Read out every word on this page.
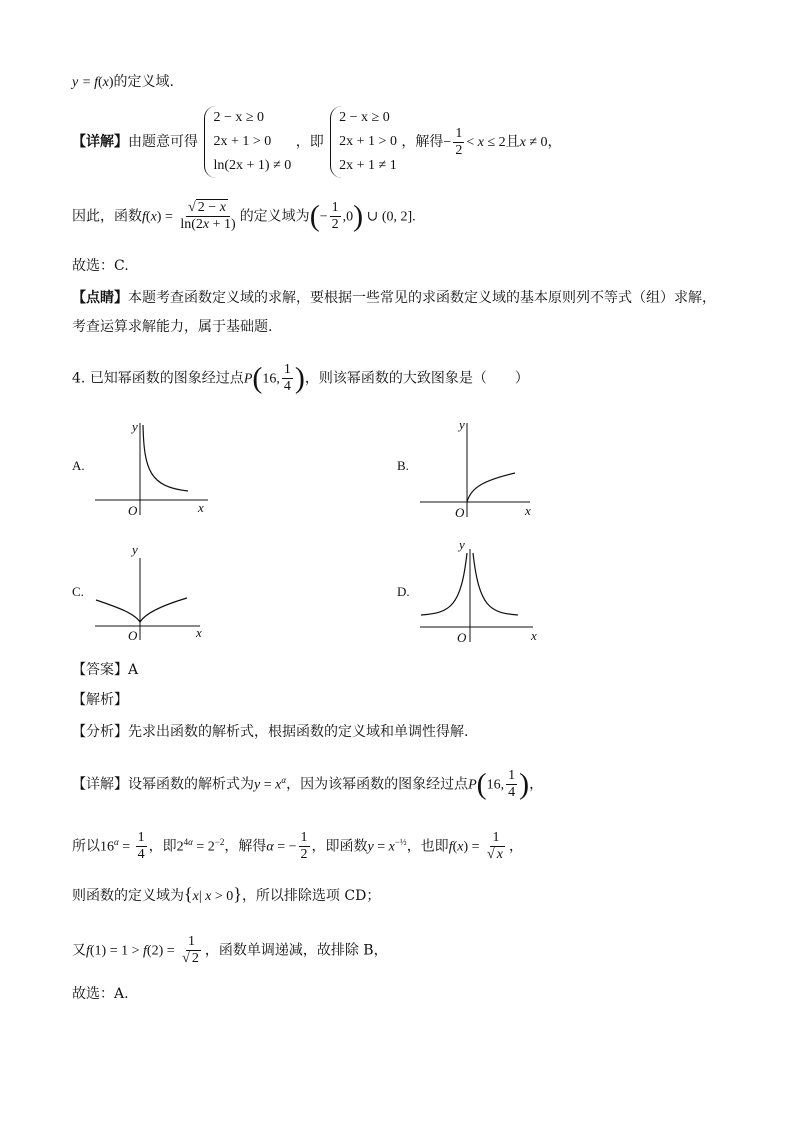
y = f(x)的定义域.
【详解】由题意可得
2 − x ≥ 0
2x + 1 > 0
ln(2x + 1) ≠ 0
，即
2 − x ≥ 0
2x + 1 > 0
2x + 1 ≠ 1
，解得− $\frac{1}{2} < x \le 2$且x ≠ 0，
因此，函数$f(x) = \frac{√ 2 - x}{\ln(2x + 1)}$ 的定义域为(− $\frac{1}{2} ,0$) ∪ (0, 2].
故选：C.
【点睛】本题考查函数定义域的求解，要根据一些常见的求函数定义域的基本原则列不等式（组）求解，
考查运算求解能力，属于基础题.
4. 已知幂函数的图象经过点P(16, $\frac{1}{4}$ )，则该幂函数的大致图象是（　　）
A.
y
x
O
B.
y
x
O
C.
y
x
O
D.
y
x
O
【答案】A
【解析】
【分析】先求出函数的解析式，根据函数的定义域和单调性得解.
【详解】设幂函数的解析式为$y = x^\alpha$，因为该幂函数的图象经过点P(16, $\frac{1}{4}$ )，
所以$16^\alpha = \frac{1}{4}$ ，即$2^{4\alpha} = 2^{-2}$，解得α = − $\frac{1}{2}$ ，即函数$y = x^{-\frac{1}{2}}$，也即$f(x) = \frac{1}{√ x}$ ，
则函数的定义域为{x| x > 0}，所以排除选项 CD；
又$f(1) = 1 > f(2) = \frac{1}{√ 2}$ ，函数单调递减，故排除 B，
故选：A.
